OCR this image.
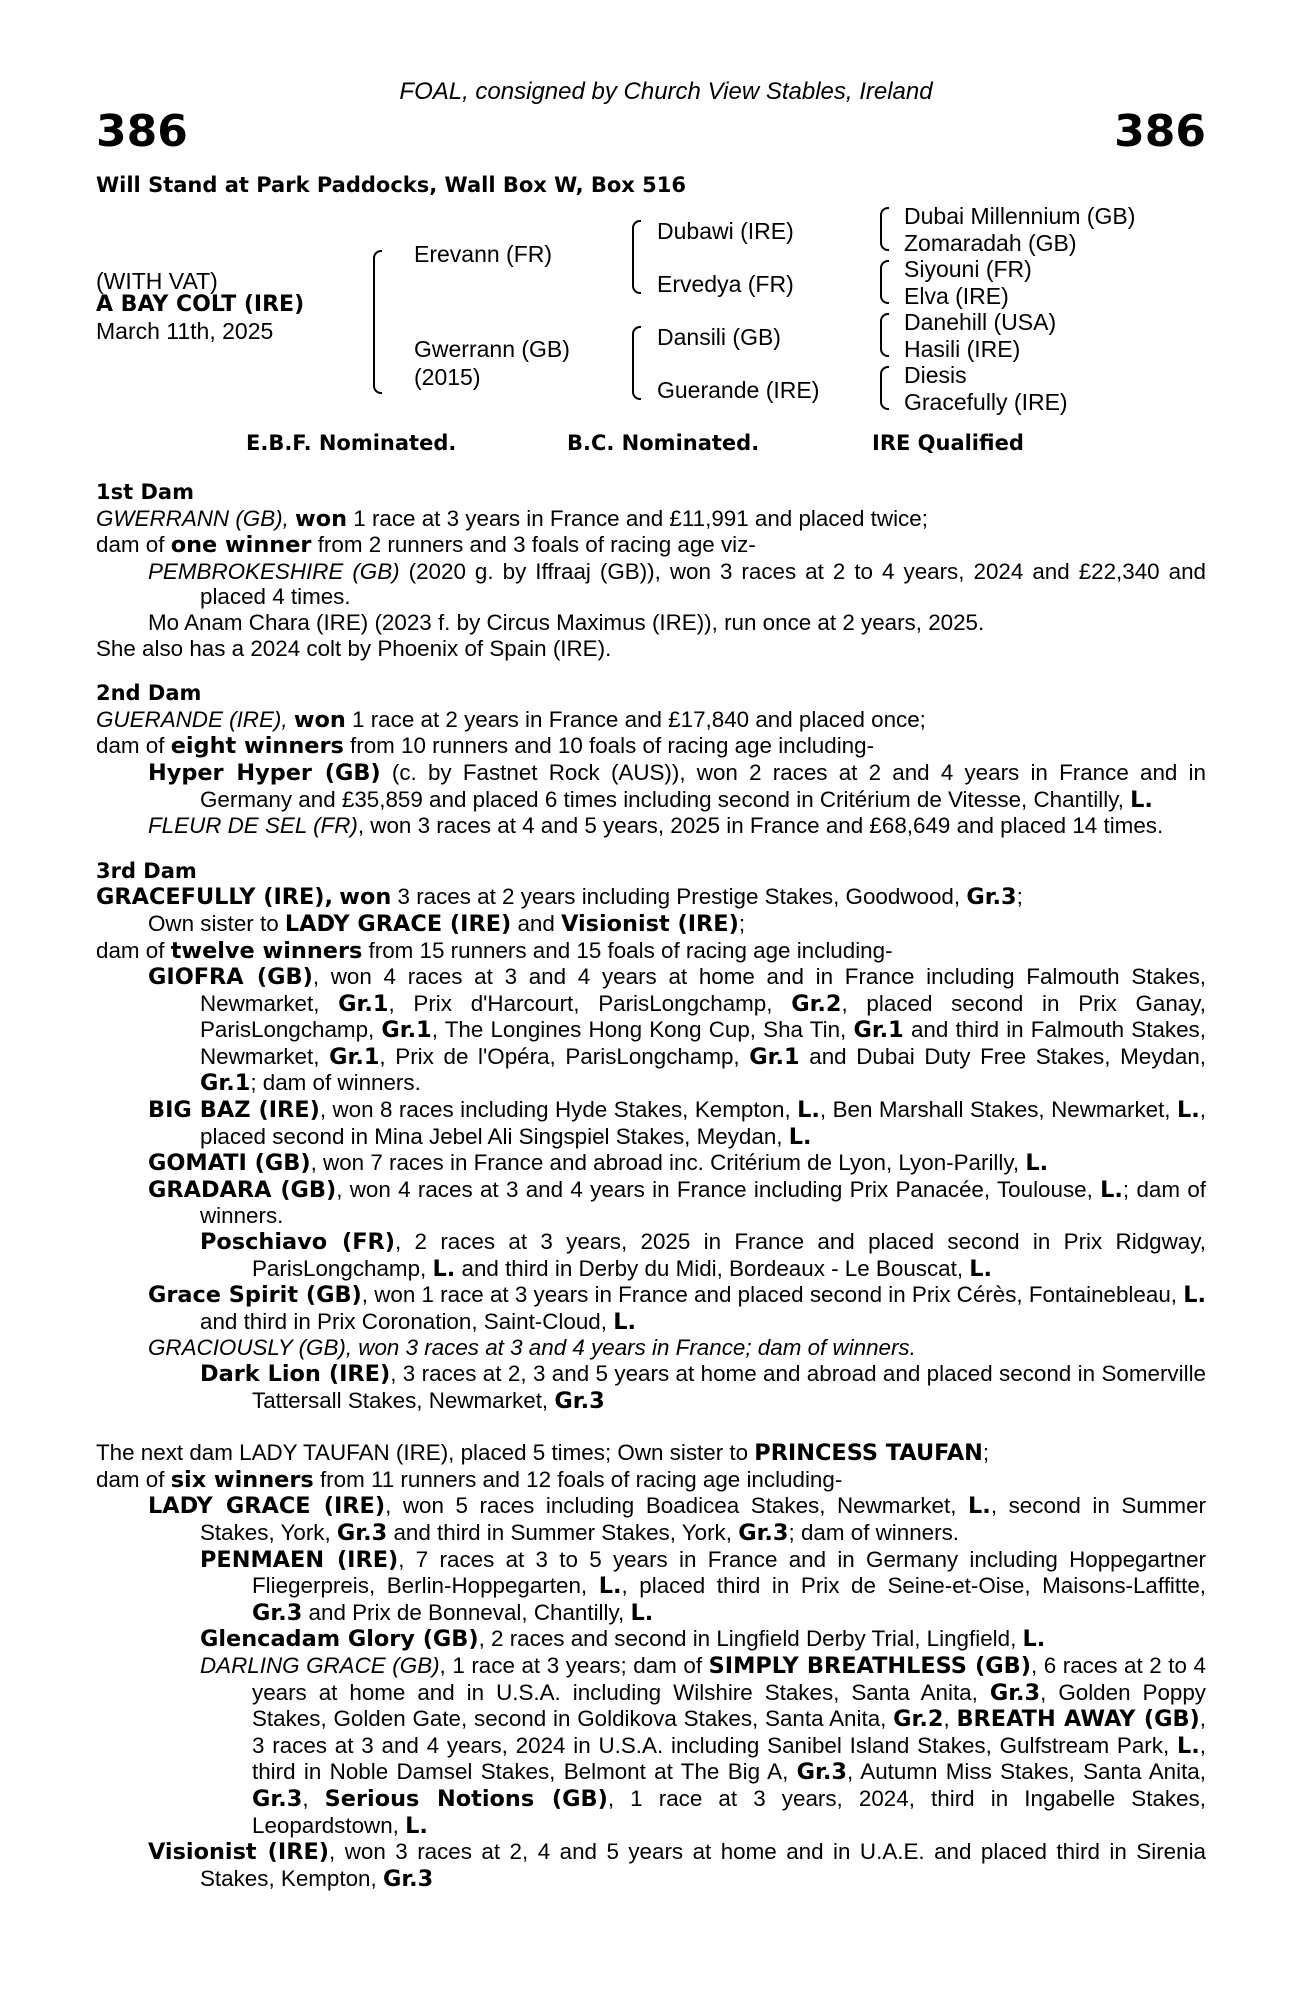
FOAL, consigned by Church View Stables, Ireland
386	386
Will Stand at Park Paddocks, Wall Box W, Box 516
(WITH VAT)
A BAY COLT (IRE)
March 11th, 2025
Erevann (FR)
Gwerrann (GB)
(2015)
Dubawi (IRE)
Ervedya (FR)
Dansili (GB)
Guerande (IRE)
Dubai Millennium (GB)
Zomaradah (GB)
Siyouni (FR)
Elva (IRE)
Danehill (USA)
Hasili (IRE)
Diesis
Gracefully (IRE)
E.B.F. Nominated.	B.C. Nominated.	IRE Qualified
1st Dam

GWERRANN (GB), won 1 race at 3 years in France and £11,991 and placed twice;

dam of one winner from 2 runners and 3 foals of racing age viz-

PEMBROKESHIRE (GB) (2020 g. by Iffraaj (GB)), won 3 races at 2 to 4 years, 2024 and £22,340 and placed 4 times.

Mo Anam Chara (IRE) (2023 f. by Circus Maximus (IRE)), run once at 2 years, 2025.

She also has a 2024 colt by Phoenix of Spain (IRE).

2nd Dam

GUERANDE (IRE), won 1 race at 2 years in France and £17,840 and placed once;

dam of eight winners from 10 runners and 10 foals of racing age including-

Hyper Hyper (GB) (c. by Fastnet Rock (AUS)), won 2 races at 2 and 4 years in France and in Germany and £35,859 and placed 6 times including second in Critérium de Vitesse, Chantilly, L.

FLEUR DE SEL (FR), won 3 races at 4 and 5 years, 2025 in France and £68,649 and placed 14 times.

3rd Dam

GRACEFULLY (IRE), won 3 races at 2 years including Prestige Stakes, Goodwood, Gr.3;

Own sister to LADY GRACE (IRE) and Visionist (IRE);

dam of twelve winners from 15 runners and 15 foals of racing age including-

GIOFRA (GB), won 4 races at 3 and 4 years at home and in France including Falmouth Stakes, Newmarket, Gr.1, Prix d'Harcourt, ParisLongchamp, Gr.2, placed second in Prix Ganay, ParisLongchamp, Gr.1, The Longines Hong Kong Cup, Sha Tin, Gr.1 and third in Falmouth Stakes, Newmarket, Gr.1, Prix de l'Opéra, ParisLongchamp, Gr.1 and Dubai Duty Free Stakes, Meydan, Gr.1; dam of winners.

BIG BAZ (IRE), won 8 races including Hyde Stakes, Kempton, L., Ben Marshall Stakes, Newmarket, L., placed second in Mina Jebel Ali Singspiel Stakes, Meydan, L.

GOMATI (GB), won 7 races in France and abroad inc. Critérium de Lyon, Lyon-Parilly, L.

GRADARA (GB), won 4 races at 3 and 4 years in France including Prix Panacée, Toulouse, L.; dam of winners.

Poschiavo (FR), 2 races at 3 years, 2025 in France and placed second in Prix Ridgway, ParisLongchamp, L. and third in Derby du Midi, Bordeaux - Le Bouscat, L.

Grace Spirit (GB), won 1 race at 3 years in France and placed second in Prix Cérès, Fontainebleau, L. and third in Prix Coronation, Saint-Cloud, L.

GRACIOUSLY (GB), won 3 races at 3 and 4 years in France; dam of winners.

Dark Lion (IRE), 3 races at 2, 3 and 5 years at home and abroad and placed second in Somerville Tattersall Stakes, Newmarket, Gr.3

The next dam LADY TAUFAN (IRE), placed 5 times; Own sister to PRINCESS TAUFAN;

dam of six winners from 11 runners and 12 foals of racing age including-

LADY GRACE (IRE), won 5 races including Boadicea Stakes, Newmarket, L., second in Summer Stakes, York, Gr.3 and third in Summer Stakes, York, Gr.3; dam of winners.

PENMAEN (IRE), 7 races at 3 to 5 years in France and in Germany including Hoppegartner Fliegerpreis, Berlin-Hoppegarten, L., placed third in Prix de Seine-et-Oise, Maisons-Laffitte, Gr.3 and Prix de Bonneval, Chantilly, L.

Glencadam Glory (GB), 2 races and second in Lingfield Derby Trial, Lingfield, L.

DARLING GRACE (GB), 1 race at 3 years; dam of SIMPLY BREATHLESS (GB), 6 races at 2 to 4 years at home and in U.S.A. including Wilshire Stakes, Santa Anita, Gr.3, Golden Poppy Stakes, Golden Gate, second in Goldikova Stakes, Santa Anita, Gr.2, BREATH AWAY (GB), 3 races at 3 and 4 years, 2024 in U.S.A. including Sanibel Island Stakes, Gulfstream Park, L., third in Noble Damsel Stakes, Belmont at The Big A, Gr.3, Autumn Miss Stakes, Santa Anita, Gr.3, Serious Notions (GB), 1 race at 3 years, 2024, third in Ingabelle Stakes, Leopardstown, L.

Visionist (IRE), won 3 races at 2, 4 and 5 years at home and in U.A.E. and placed third in Sirenia Stakes, Kempton, Gr.3
